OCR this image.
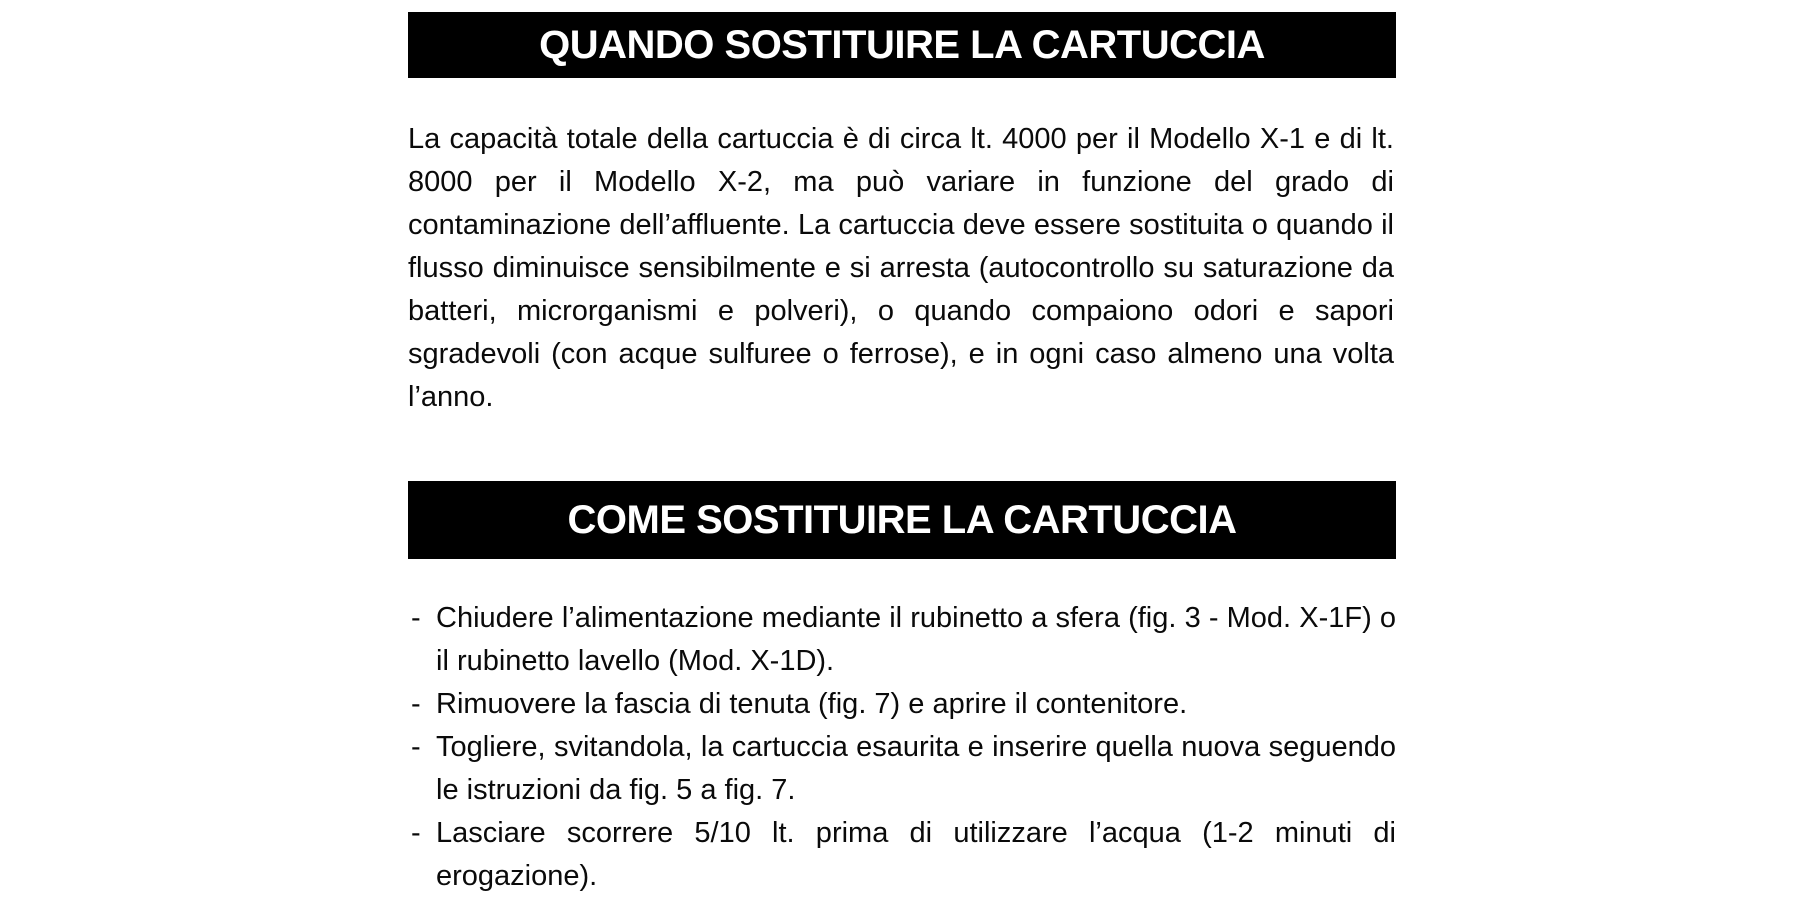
QUANDO SOSTITUIRE LA CARTUCCIA

La capacità totale della cartuccia è di circa lt. 4000 per il Modello X-1 e di lt. 8000 per il Modello X-2, ma può variare in funzione del grado di contaminazione dell’affluente. La cartuccia deve essere sostituita o quando il flusso diminuisce sensibilmente e si arresta (autocontrollo su saturazione da batteri, microrganismi e polveri), o quando compaiono odori e sapori sgradevoli (con acque sulfuree o ferrose), e in ogni caso almeno una volta l’anno.

COME SOSTITUIRE LA CARTUCCIA
- Chiudere l’alimentazione mediante il rubinetto a sfera (fig. 3 - Mod. X-1F) o il rubinetto lavello (Mod. X-1D).
- Rimuovere la fascia di tenuta (fig. 7) e aprire il contenitore.
- Togliere, svitandola, la cartuccia esaurita e inserire quella nuova seguendo le istruzioni da fig. 5 a fig. 7.
- Lasciare scorrere 5/10 lt. prima di utilizzare l’acqua (1-2 minuti di erogazione).
